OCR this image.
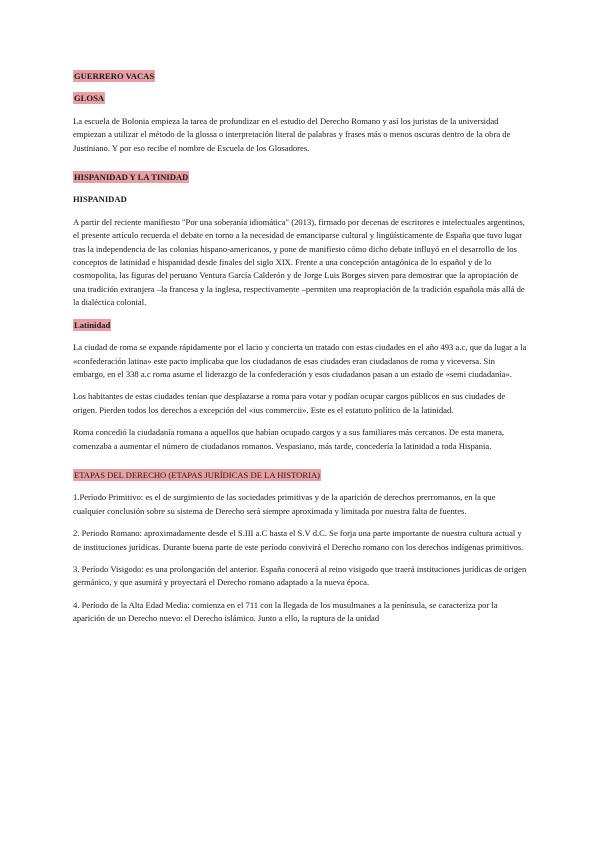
GUERRERO VACAS
GLOSA

La escuela de Bolonia empieza la tarea de profundizar en el estudio del Derecho Romano y así los juristas de la universidad empiezan a utilizar el método de la glossa o interpretación literal de palabras y frases más o menos oscuras dentro de la obra de Justiniano. Y por eso recibe el nombre de Escuela de los Glosadores.

HISPANIDAD Y LA TINIDAD
HISPANIDAD

A partir del reciente manifiesto "Por una soberanía idiomática" (2013), firmado por decenas de escritores e intelectuales argentinos, el presente artículo recuerda el debate en torno a la necesidad de emanciparse cultural y lingüísticamente de España que tuvo lugar tras la independencia de las colonias hispano-americanos, y pone de manifiesto cómo dicho debate influyó en el desarrollo de los conceptos de latinidad e hispanidad desde finales del siglo XIX. Frente a una concepción antagónica de lo español y de lo cosmopolita, las figuras del peruano Ventura García Calderón y de Jorge Luis Borges sirven para demostrar que la apropiación de una tradición extranjera –la francesa y la inglesa, respectivamente –permiten una reapropiación de la tradición española más allá de la dialéctica colonial.

Latinidad

La ciudad de roma se expande rápidamente por el lacio y concierta un tratado con estas ciudades en el año 493 a.c, que da lugar a la «confederación latina» este pacto implicaba que los ciudadanos de esas ciudades eran ciudadanos de roma y viceversa. Sin embargo, en el 338 a.c roma asume el liderazgo de la confederación y esos ciudadanos pasan a un estado de «semi ciudadanía».

Los habitantes de estas ciudades tenían que desplazarse a roma para votar y podían ocupar cargos públicos en sus ciudades de origen. Pierden todos los derechos a excepción del «ius commercii». Este es el estatuto político de la latinidad.

Roma concedió la ciudadanía romana a aquellos que habían ocupado cargos y a sus familiares más cercanos. De esta manera, comenzaba a aumentar el número de ciudadanos romanos. Vespasiano, más tarde, concedería la latinidad a toda Hispania.

ETAPAS DEL DERECHO (ETAPAS JURÍDICAS DE LA HISTORIA)

1.Período Primitivo: es el de surgimiento de las sociedades primitivas y de la aparición de derechos prerromanos, en la que cualquier conclusión sobre su sistema de Derecho será siempre aproximada y limitada por nuestra falta de fuentes.

2. Periodo Romano: aproximadamente desde el S.III a.C hasta el S.V d.C. Se forja una parte importante de nuestra cultura actual y de instituciones jurídicas. Durante buena parte de este período convivirá el Derecho romano con los derechos indígenas primitivos.

3. Período Visigodo: es una prolongación del anterior. España conocerá al reino visigodo que traerá instituciones jurídicas de origen germánico, y que asumirá y proyectará el Derecho romano adaptado a la nueva época.

4. Período de la Alta Edad Media: comienza en el 711 con la llegada de los musulmanes a la península, se caracteriza por la aparición de un Derecho nuevo: el Derecho islámico. Junto a ello, la ruptura de la unidad
